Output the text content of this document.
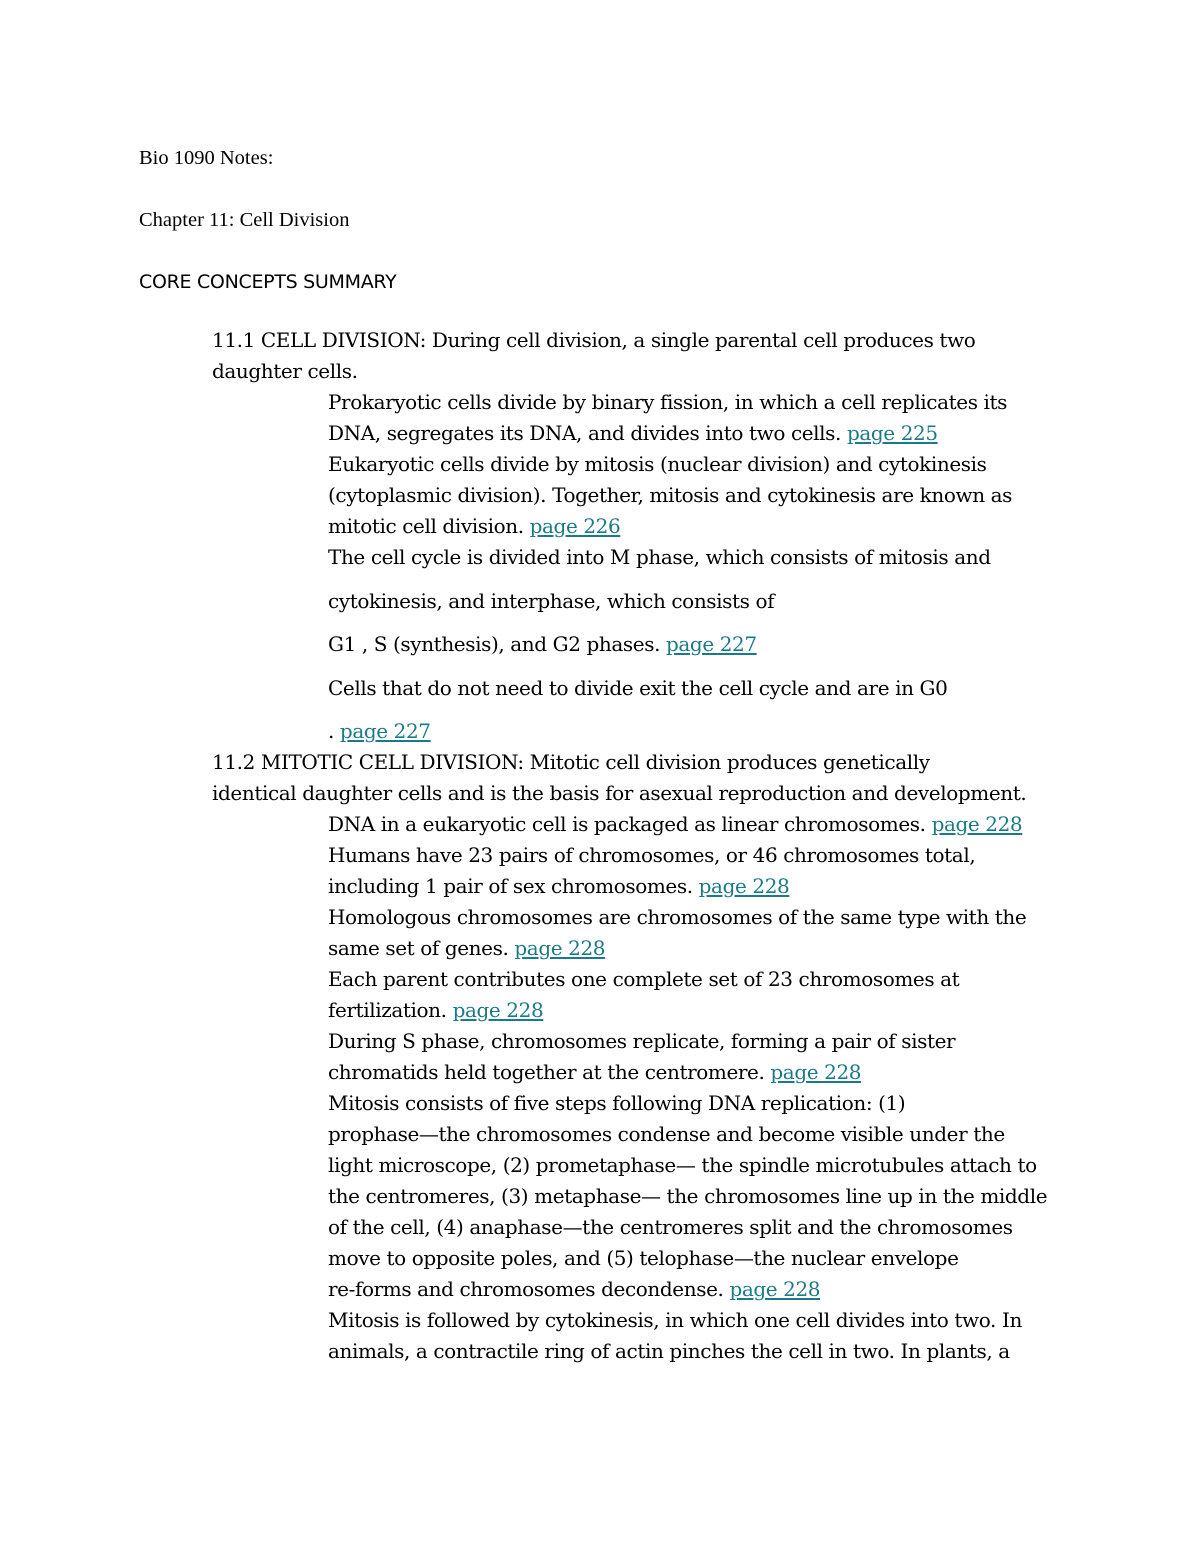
Bio 1090 Notes:
Chapter 11: Cell Division
CORE CONCEPTS SUMMARY
11.1 CELL DIVISION: During cell division, a single parental cell produces two
daughter cells.
Prokaryotic cells divide by binary fission, in which a cell replicates its
DNA, segregates its DNA, and divides into two cells. page 225
Eukaryotic cells divide by mitosis (nuclear division) and cytokinesis
(cytoplasmic division). Together, mitosis and cytokinesis are known as
mitotic cell division. page 226
The cell cycle is divided into M phase, which consists of mitosis and
cytokinesis, and interphase, which consists of
G1 , S (synthesis), and G2 phases. page 227
Cells that do not need to divide exit the cell cycle and are in G0
. page 227
11.2 MITOTIC CELL DIVISION: Mitotic cell division produces genetically
identical daughter cells and is the basis for asexual reproduction and development.
DNA in a eukaryotic cell is packaged as linear chromosomes. page 228
Humans have 23 pairs of chromosomes, or 46 chromosomes total,
including 1 pair of sex chromosomes. page 228
Homologous chromosomes are chromosomes of the same type with the
same set of genes. page 228
Each parent contributes one complete set of 23 chromosomes at
fertilization. page 228
During S phase, chromosomes replicate, forming a pair of sister
chromatids held together at the centromere. page 228
Mitosis consists of five steps following DNA replication: (1)
prophase—the chromosomes condense and become visible under the
light microscope, (2) prometaphase— the spindle microtubules attach to
the centromeres, (3) metaphase— the chromosomes line up in the middle
of the cell, (4) anaphase—the centromeres split and the chromosomes
move to opposite poles, and (5) telophase—the nuclear envelope
re-forms and chromosomes decondense. page 228
Mitosis is followed by cytokinesis, in which one cell divides into two. In
animals, a contractile ring of actin pinches the cell in two. In plants, a
